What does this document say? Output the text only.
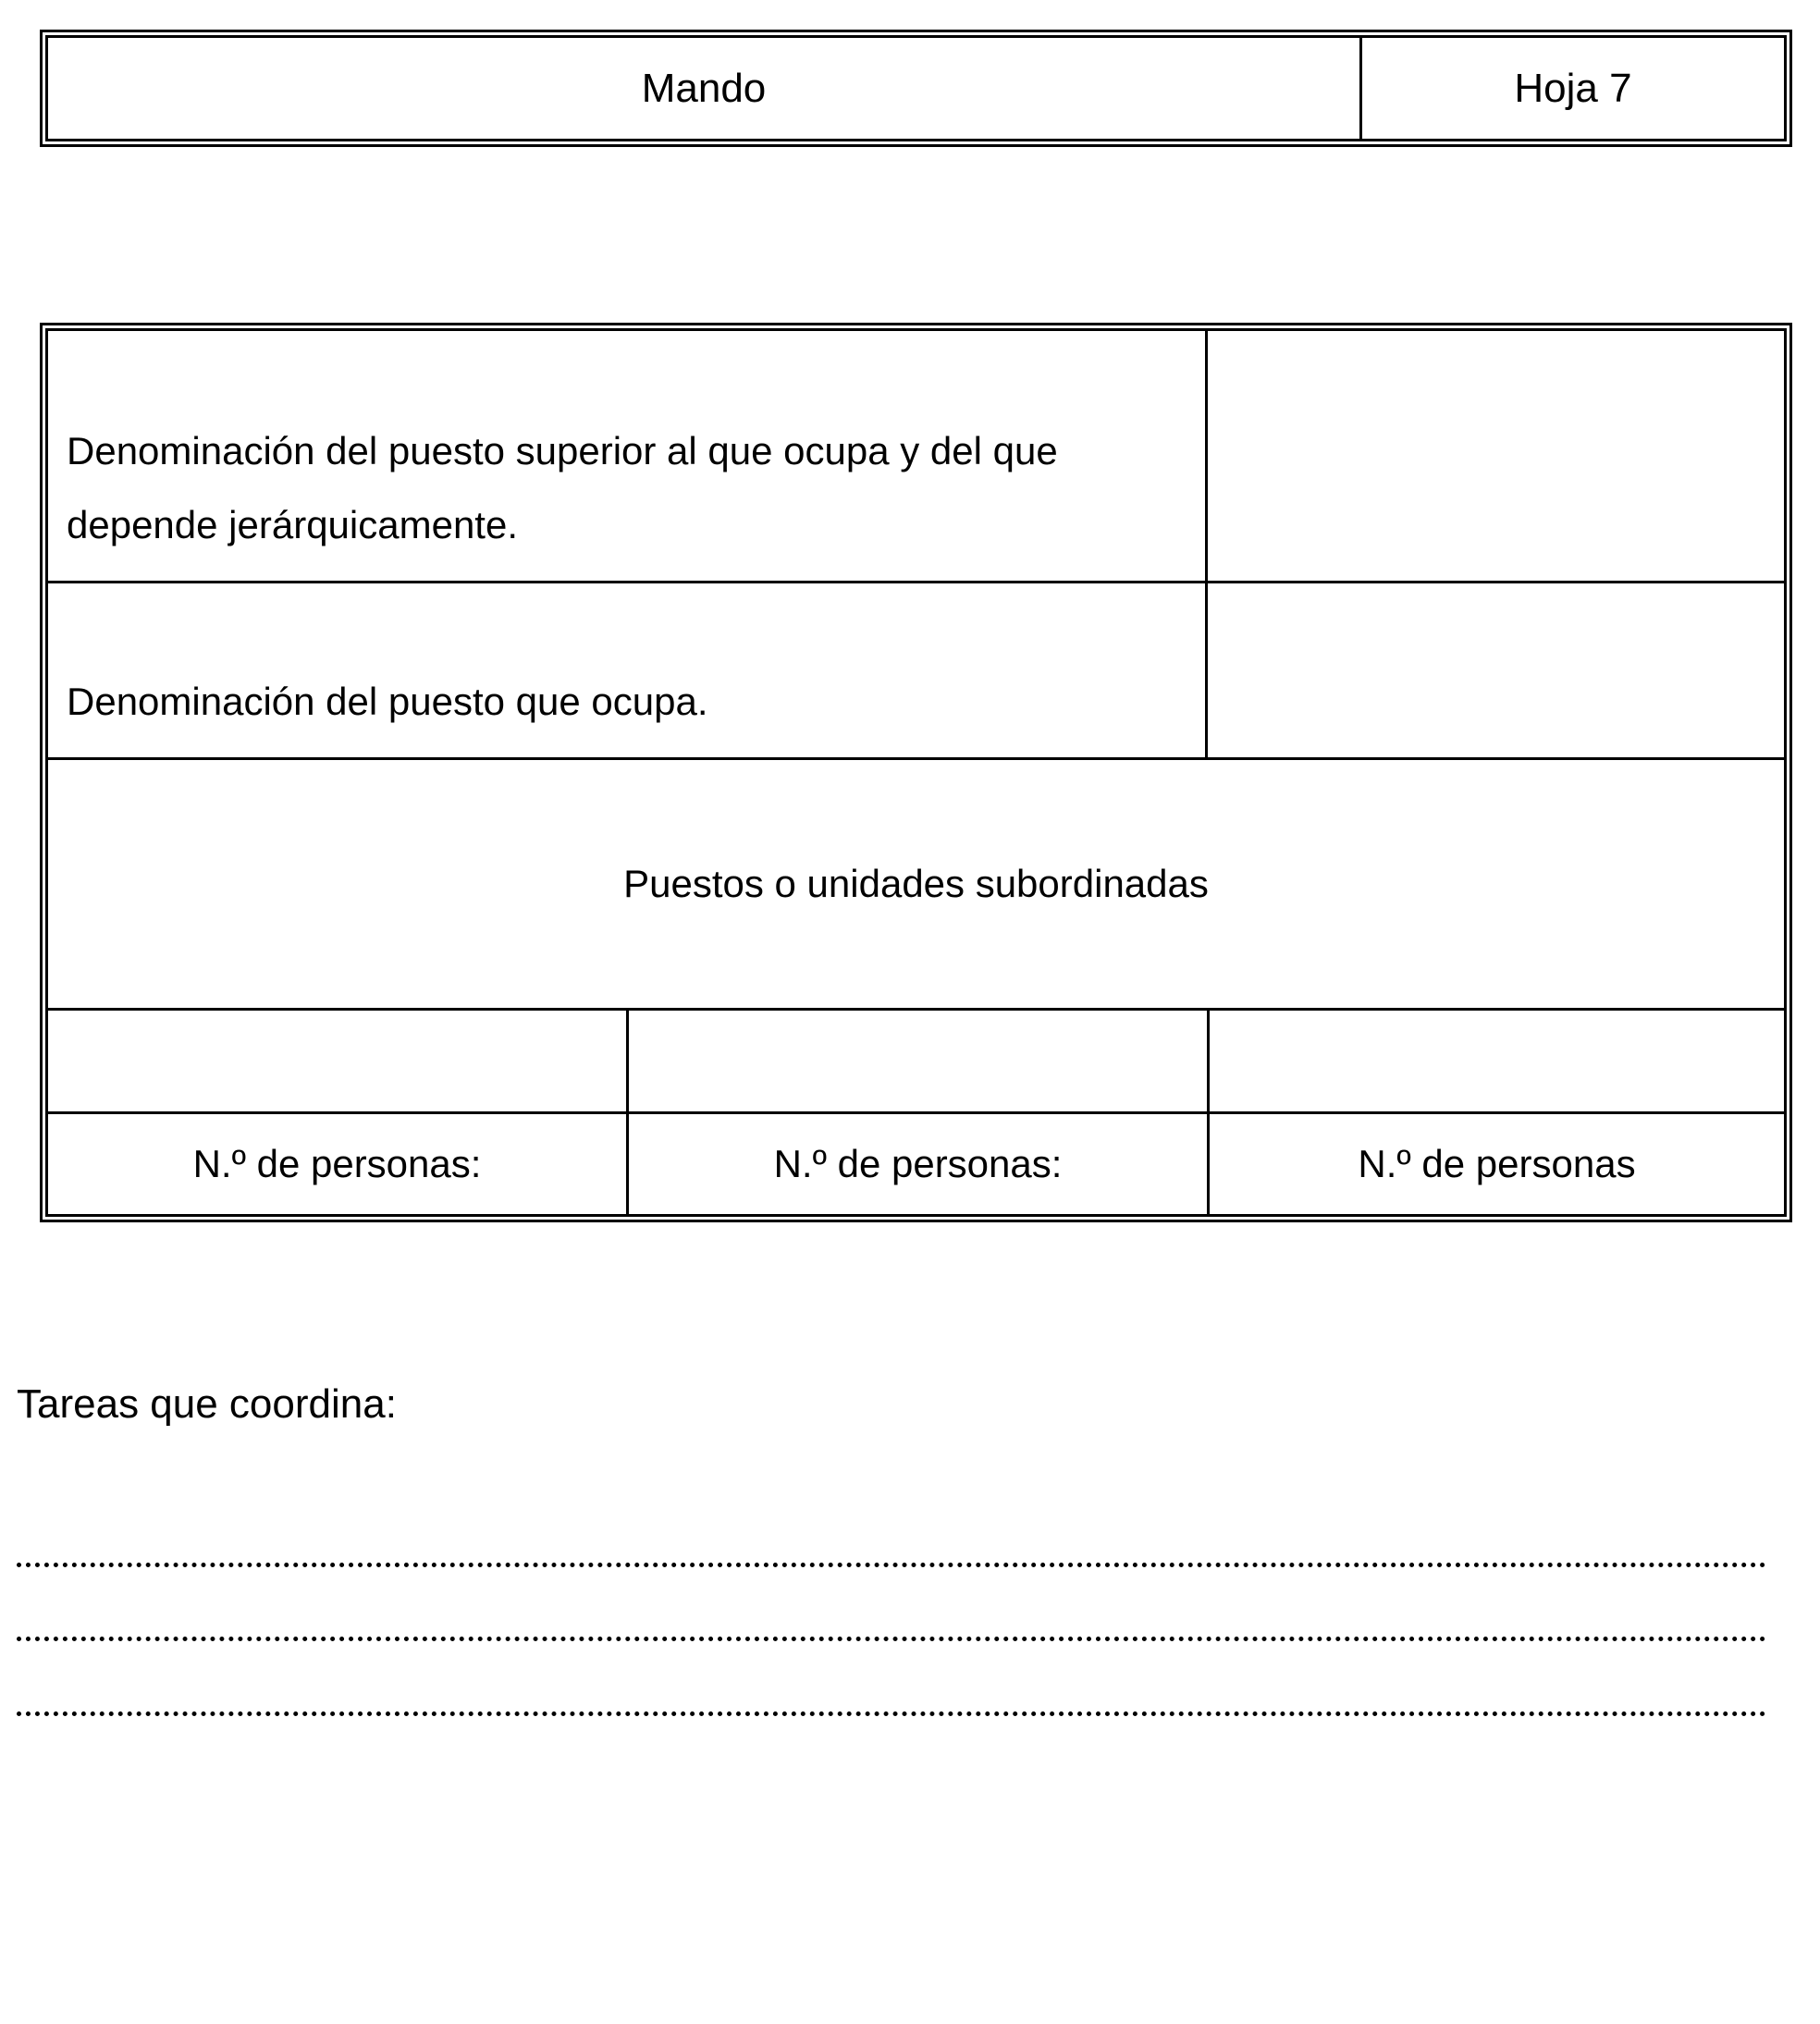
Mando	Hoja 7
Denominación del puesto superior al que ocupa y del que depende jerárquicamente.
Denominación del puesto que ocupa.
Puestos o unidades subordinadas
N.º de personas:	N.º de personas:	N.º de personas
Tareas que coordina:
